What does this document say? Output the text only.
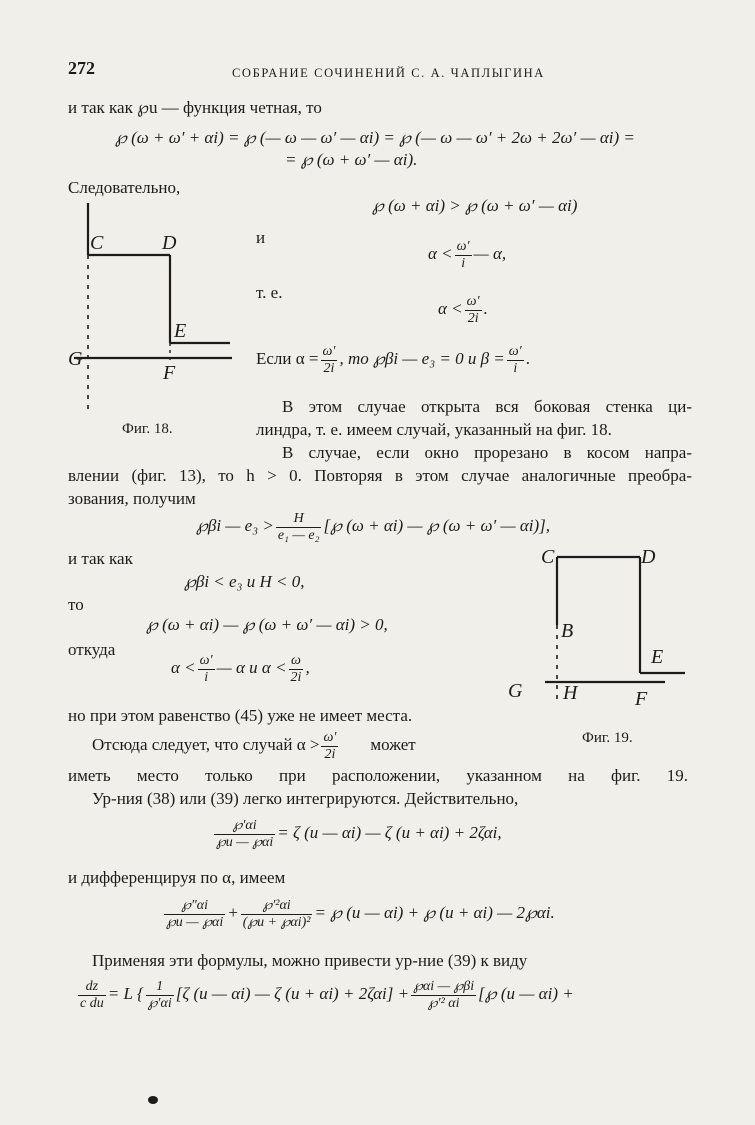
272	СОБРАНИЕ СОЧИНЕНИЙ С. А. ЧАПЛЫГИНА
и так как ℘u — функция четная, то
℘ (ω + ω′ + αi) = ℘ (— ω — ω′ — αi) = ℘ (— ω — ω′ + 2ω + 2ω′ — αi) =
= ℘ (ω + ω′ — αi).
Следовательно,
℘ (ω + αi) > ℘ (ω + ω′ — αi)
и
$\alpha < \frac{\omega'}{i}$ — α,
т. е.
$\alpha < \frac{\omega'}{2i}$ .
Если $\alpha = \frac{\omega'}{2i}$ , то ℘βi — e₃ = 0 и $\beta = \frac{\omega'}{i}$ .
В этом случае открыта вся боковая стенка ци-
линдра, т. е. имеем случай, указанный на фиг. 18.
В случае, если окно прорезано в косом напра-
влении (фиг. 13), то h > 0. Повторяя в этом случае аналогичные преобра-
зования, получим
℘βi — $e_3 > \frac{H}{\text{e₁ — e₂}}$ [℘ (ω + αi) — ℘ (ω + ω′ — αi)],
и так как
℘βi < e₃ и H < 0,
то
℘ (ω + αi) — ℘ (ω + ω′ — αi) > 0,
откуда
$\alpha < \frac{\omega'}{i}$ — α и $\alpha < \frac{\omega}{2i}$ ,
но при этом равенство (45) уже не имеет места.
Отсюда следует, что случай $\alpha > \frac{\omega'}{2i}$ может
иметь место только при расположении, указанном на фиг. 19.
Ур-ния (38) или (39) легко интегрируются. Действительно,
$\frac{℘'\alpha i}{℘u — ℘\alpha i} = \zeta$ (u — αi) — ζ (u + αi) + 2ζαi,
и дифференцируя по α, имеем
$\frac{℘''\alpha i}{℘u — ℘\alpha i} + \frac{\text{℘′²αi}}{\text{(℘u + ℘αi)²}}$ = ℘ (u — αi) + ℘ (u + αi) — 2℘αi.
Применяя эти формулы, можно привести ур-ние (39) к виду
$\frac{dz}{\text{c du}} = L$ { $\frac{1}{℘'\alpha i} [\zeta$ (u — αi) — ζ $(u + \alpha i) + 2\zeta\alpha i] + \frac{℘\alpha i — ℘\beta i}{\text{℘′² αi}}$ [℘ (u — αi) +
C	D
E
G
F
Фиг. 18.
C	D
B
E
G H	F
Фиг. 19.
